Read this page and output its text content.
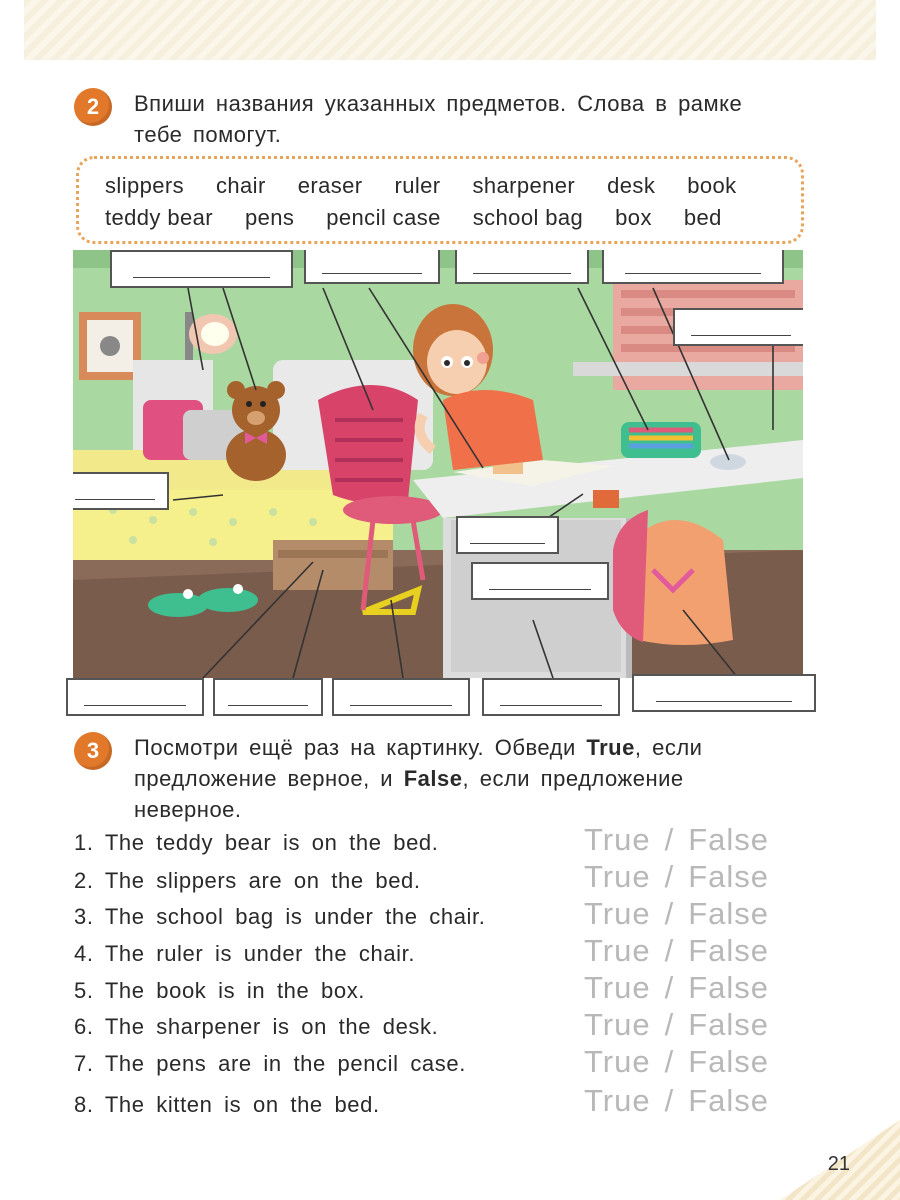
2 Впиши названия указанных предметов. Слова в рамке
тебе помогут.
slippers chair eraser ruler sharpener desk book
teddy bear pens pencil case school bag box bed
3 Посмотри ещё раз на картинку. Обведи True, если
предложение верное, и False, если предложение
неверное.
1. The teddy bear is on the bed.	True / False
2. The slippers are on the bed.	True / False
3. The school bag is under the chair.	True / False
4. The ruler is under the chair.	True / False
5. The book is in the box.	True / False
6. The sharpener is on the desk.	True / False
7. The pens are in the pencil case.	True / False
8. The kitten is on the bed.	True / False
21
